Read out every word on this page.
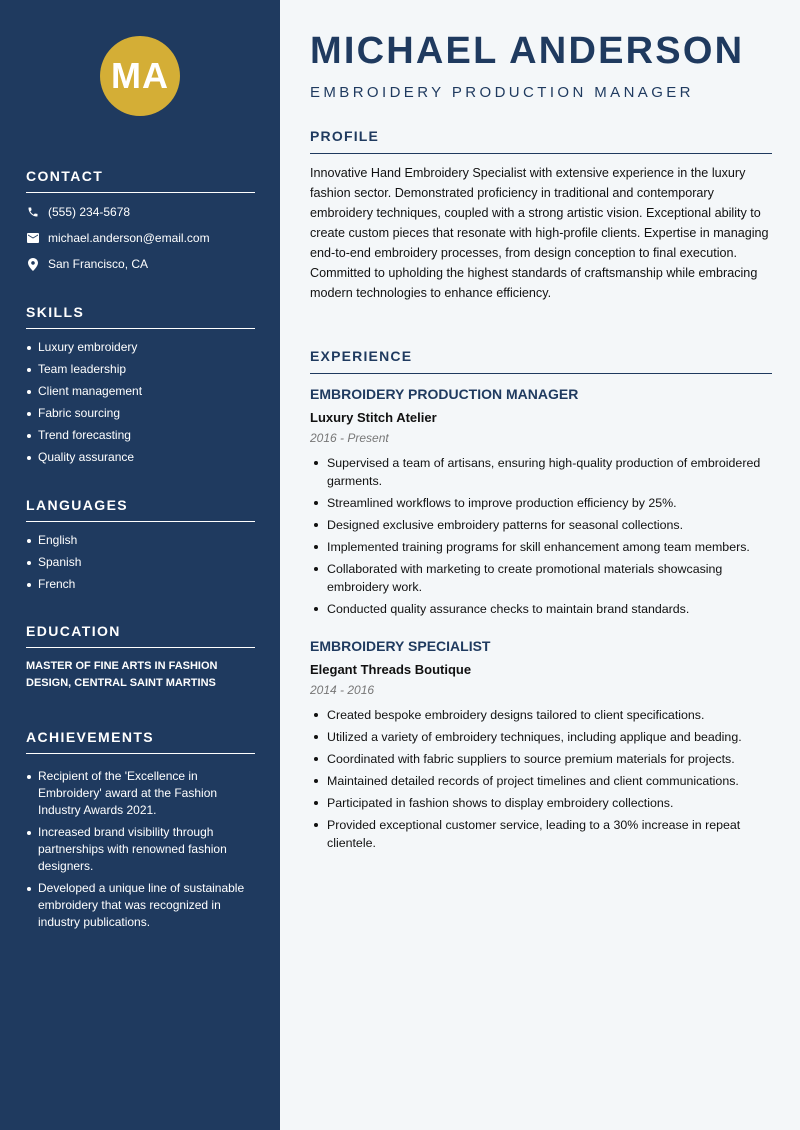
MA
CONTACT
(555) 234-5678
michael.anderson@email.com
San Francisco, CA
SKILLS
Luxury embroidery
Team leadership
Client management
Fabric sourcing
Trend forecasting
Quality assurance
LANGUAGES
English
Spanish
French
EDUCATION
MASTER OF FINE ARTS IN FASHION DESIGN, CENTRAL SAINT MARTINS
ACHIEVEMENTS
Recipient of the 'Excellence in Embroidery' award at the Fashion Industry Awards 2021.
Increased brand visibility through partnerships with renowned fashion designers.
Developed a unique line of sustainable embroidery that was recognized in industry publications.
MICHAEL ANDERSON
EMBROIDERY PRODUCTION MANAGER
PROFILE

Innovative Hand Embroidery Specialist with extensive experience in the luxury fashion sector. Demonstrated proficiency in traditional and contemporary embroidery techniques, coupled with a strong artistic vision. Exceptional ability to create custom pieces that resonate with high-profile clients. Expertise in managing end-to-end embroidery processes, from design conception to final execution. Committed to upholding the highest standards of craftsmanship while embracing modern technologies to enhance efficiency.

EXPERIENCE
EMBROIDERY PRODUCTION MANAGER
Luxury Stitch Atelier
2016 - Present
Supervised a team of artisans, ensuring high-quality production of embroidered garments.
Streamlined workflows to improve production efficiency by 25%.
Designed exclusive embroidery patterns for seasonal collections.
Implemented training programs for skill enhancement among team members.
Collaborated with marketing to create promotional materials showcasing embroidery work.
Conducted quality assurance checks to maintain brand standards.
EMBROIDERY SPECIALIST
Elegant Threads Boutique
2014 - 2016
Created bespoke embroidery designs tailored to client specifications.
Utilized a variety of embroidery techniques, including applique and beading.
Coordinated with fabric suppliers to source premium materials for projects.
Maintained detailed records of project timelines and client communications.
Participated in fashion shows to display embroidery collections.
Provided exceptional customer service, leading to a 30% increase in repeat clientele.
